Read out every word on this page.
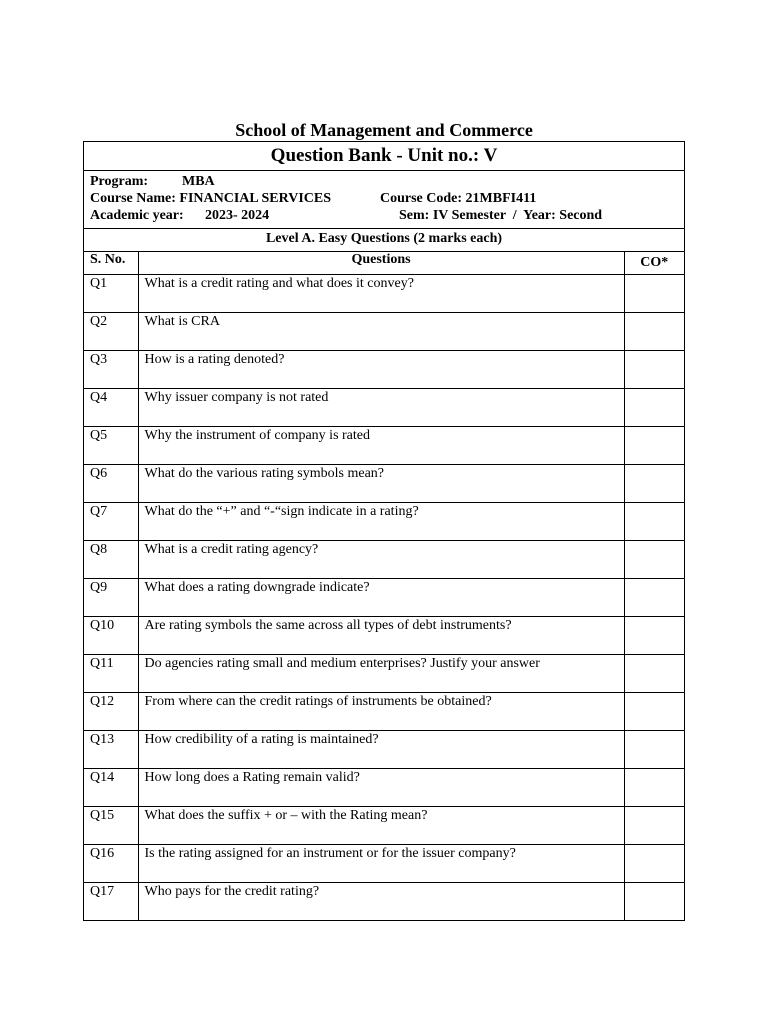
School of Management and Commerce
Question Bank - Unit no.: V
Program: MBA
Course Name: FINANCIAL SERVICES	Course Code: 21MBFI411
Academic year: 2023- 2024	Sem: IV Semester  /  Year: Second
Level A. Easy Questions (2 marks each)
S. No.	Questions	CO*
Q1	What is a credit rating and what does it convey?	
Q2	What is CRA	
Q3	How is a rating denoted?	
Q4	Why issuer company is not rated	
Q5	Why the instrument of company is rated	
Q6	What do the various rating symbols mean?	
Q7	What do the “+” and “-“sign indicate in a rating?	
Q8	What is a credit rating agency?	
Q9	What does a rating downgrade indicate?	
Q10	Are rating symbols the same across all types of debt instruments?	
Q11	Do agencies rating small and medium enterprises? Justify your answer	
Q12	From where can the credit ratings of instruments be obtained?	
Q13	How credibility of a rating is maintained?	
Q14	How long does a Rating remain valid?	
Q15	What does the suffix + or – with the Rating mean?	
Q16	Is the rating assigned for an instrument or for the issuer company?	
Q17	Who pays for the credit rating?	
